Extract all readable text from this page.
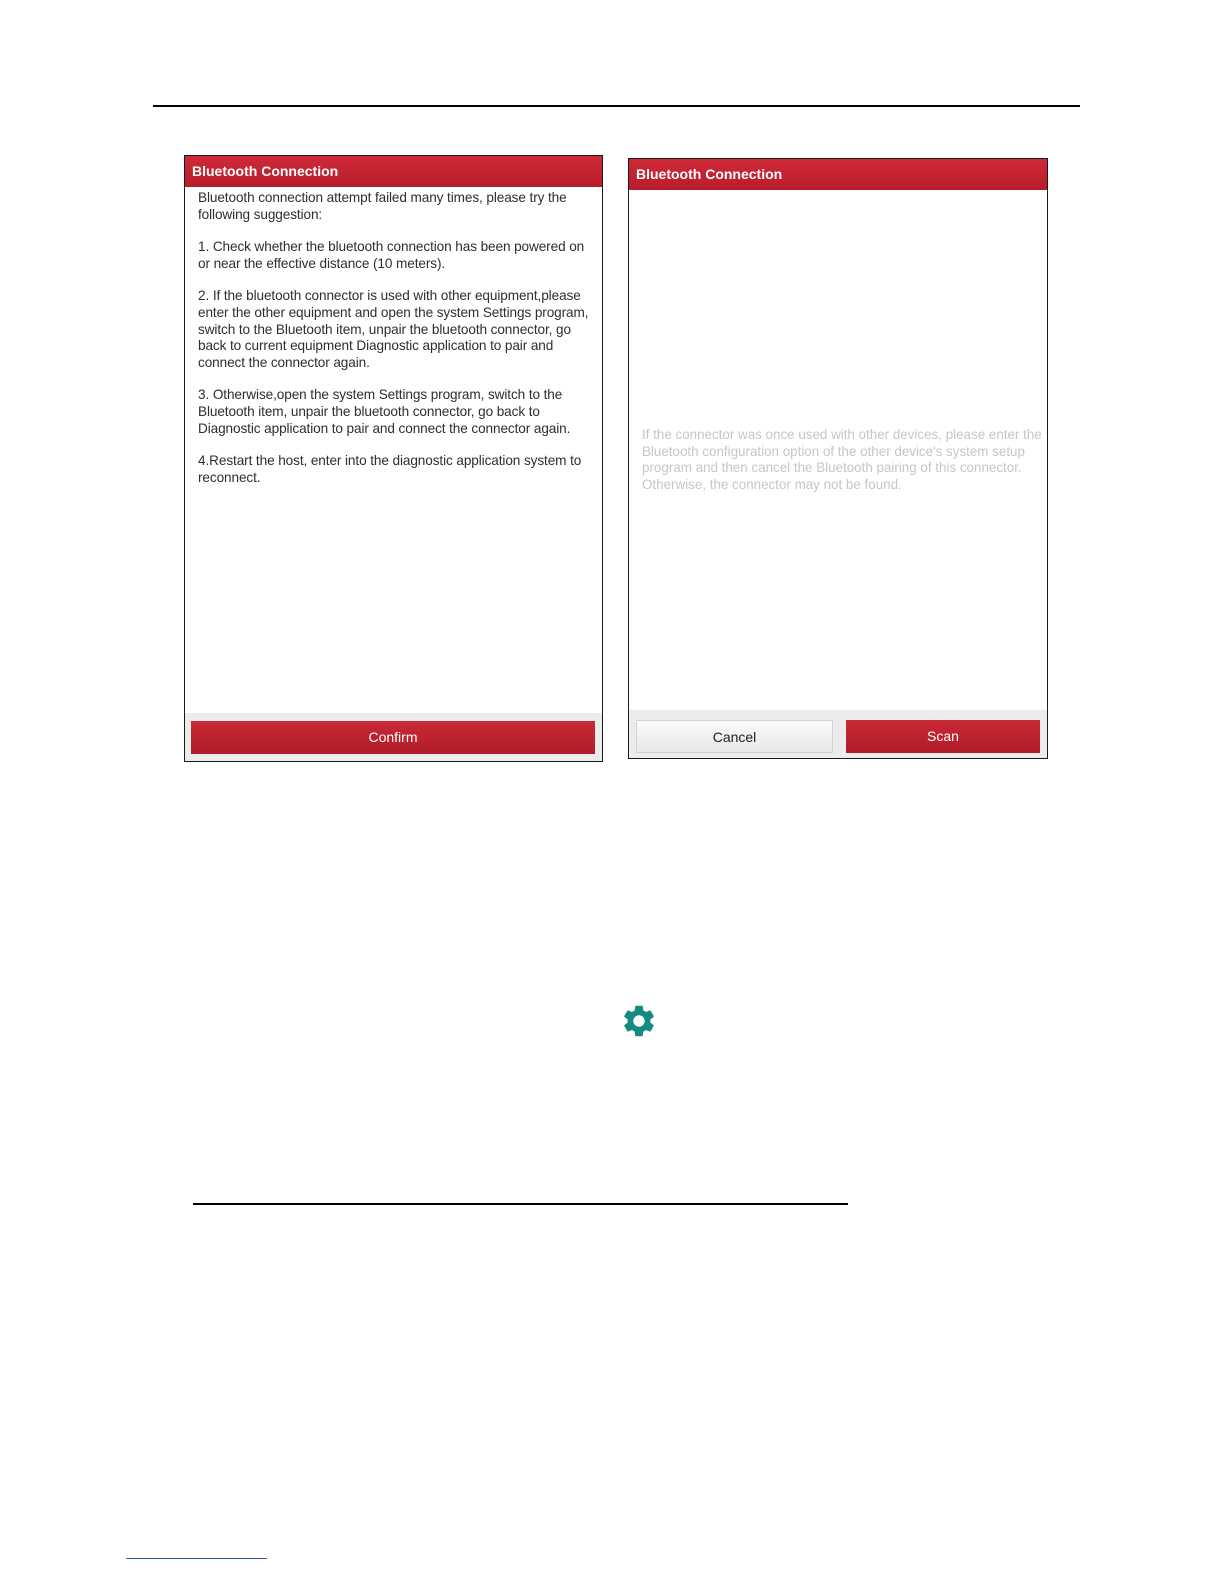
Bluetooth Connection

Bluetooth connection attempt failed many times, please try the following suggestion:

1. Check whether the bluetooth connection has been powered on or near the effective distance (10 meters).

2. If the bluetooth connector is used with other equipment,please enter the other equipment and open the system Settings program, switch to the Bluetooth item, unpair the bluetooth connector, go back to current equipment Diagnostic application to pair and connect the connector again.

3. Otherwise,open the system Settings program, switch to the Bluetooth item, unpair the bluetooth connector, go back to Diagnostic application to pair and connect the connector again.

4.Restart the host, enter into the diagnostic application system to reconnect.

Confirm
Bluetooth Connection
If the connector was once used with other devices, please enter the Bluetooth configuration option of the other device's system setup program and then cancel the Bluetooth pairing of this connector. Otherwise, the connector may not be found.
Cancel	Scan
